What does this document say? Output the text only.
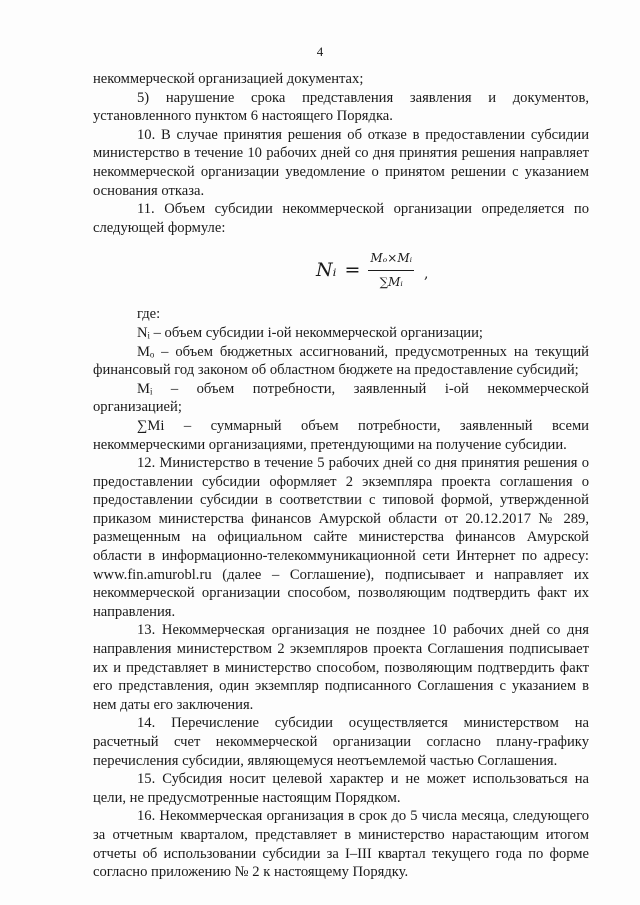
4

некоммерческой организацией документах;

5) нарушение срока представления заявления и документов, установленного пунктом 6 настоящего Порядка.

10. В случае принятия решения об отказе в предоставлении субсидии министерство в течение 10 рабочих дней со дня принятия решения направляет некоммерческой организации уведомление о принятом решении с указанием основания отказа.

11. Объем субсидии некоммерческой организации определяется по следующей формуле:

Nᵢ = $\frac{\text{Mₒ×Mᵢ}}{\text{∑Mᵢ}}$ ,

где:

Nᵢ – объем субсидии i-ой некоммерческой организации;

Mₒ – объем бюджетных ассигнований, предусмотренных на текущий финансовый год законом об областном бюджете на предоставление субсидий;

Mᵢ – объем потребности, заявленный i-ой некоммерческой организацией;

∑Mi – суммарный объем потребности, заявленный всеми некоммерческими организациями, претендующими на получение субсидии.

12. Министерство в течение 5 рабочих дней со дня принятия решения о предоставлении субсидии оформляет 2 экземпляра проекта соглашения о предоставлении субсидии в соответствии с типовой формой, утвержденной приказом министерства финансов Амурской области от 20.12.2017 № 289, размещенным на официальном сайте министерства финансов Амурской области в информационно-телекоммуникационной сети Интернет по адресу: www.fin.amurobl.ru (далее – Соглашение), подписывает и направляет их некоммерческой организации способом, позволяющим подтвердить факт их направления.

13. Некоммерческая организация не позднее 10 рабочих дней со дня направления министерством 2 экземпляров проекта Соглашения подписывает их и представляет в министерство способом, позволяющим подтвердить факт его представления, один экземпляр подписанного Соглашения с указанием в нем даты его заключения.

14. Перечисление субсидии осуществляется министерством на расчетный счет некоммерческой организации согласно плану-графику перечисления субсидии, являющемуся неотъемлемой частью Соглашения.

15. Субсидия носит целевой характер и не может использоваться на цели, не предусмотренные настоящим Порядком.

16. Некоммерческая организация в срок до 5 числа месяца, следующего за отчетным кварталом, представляет в министерство нарастающим итогом отчеты об использовании субсидии за I–III квартал текущего года по форме согласно приложению № 2 к настоящему Порядку.
